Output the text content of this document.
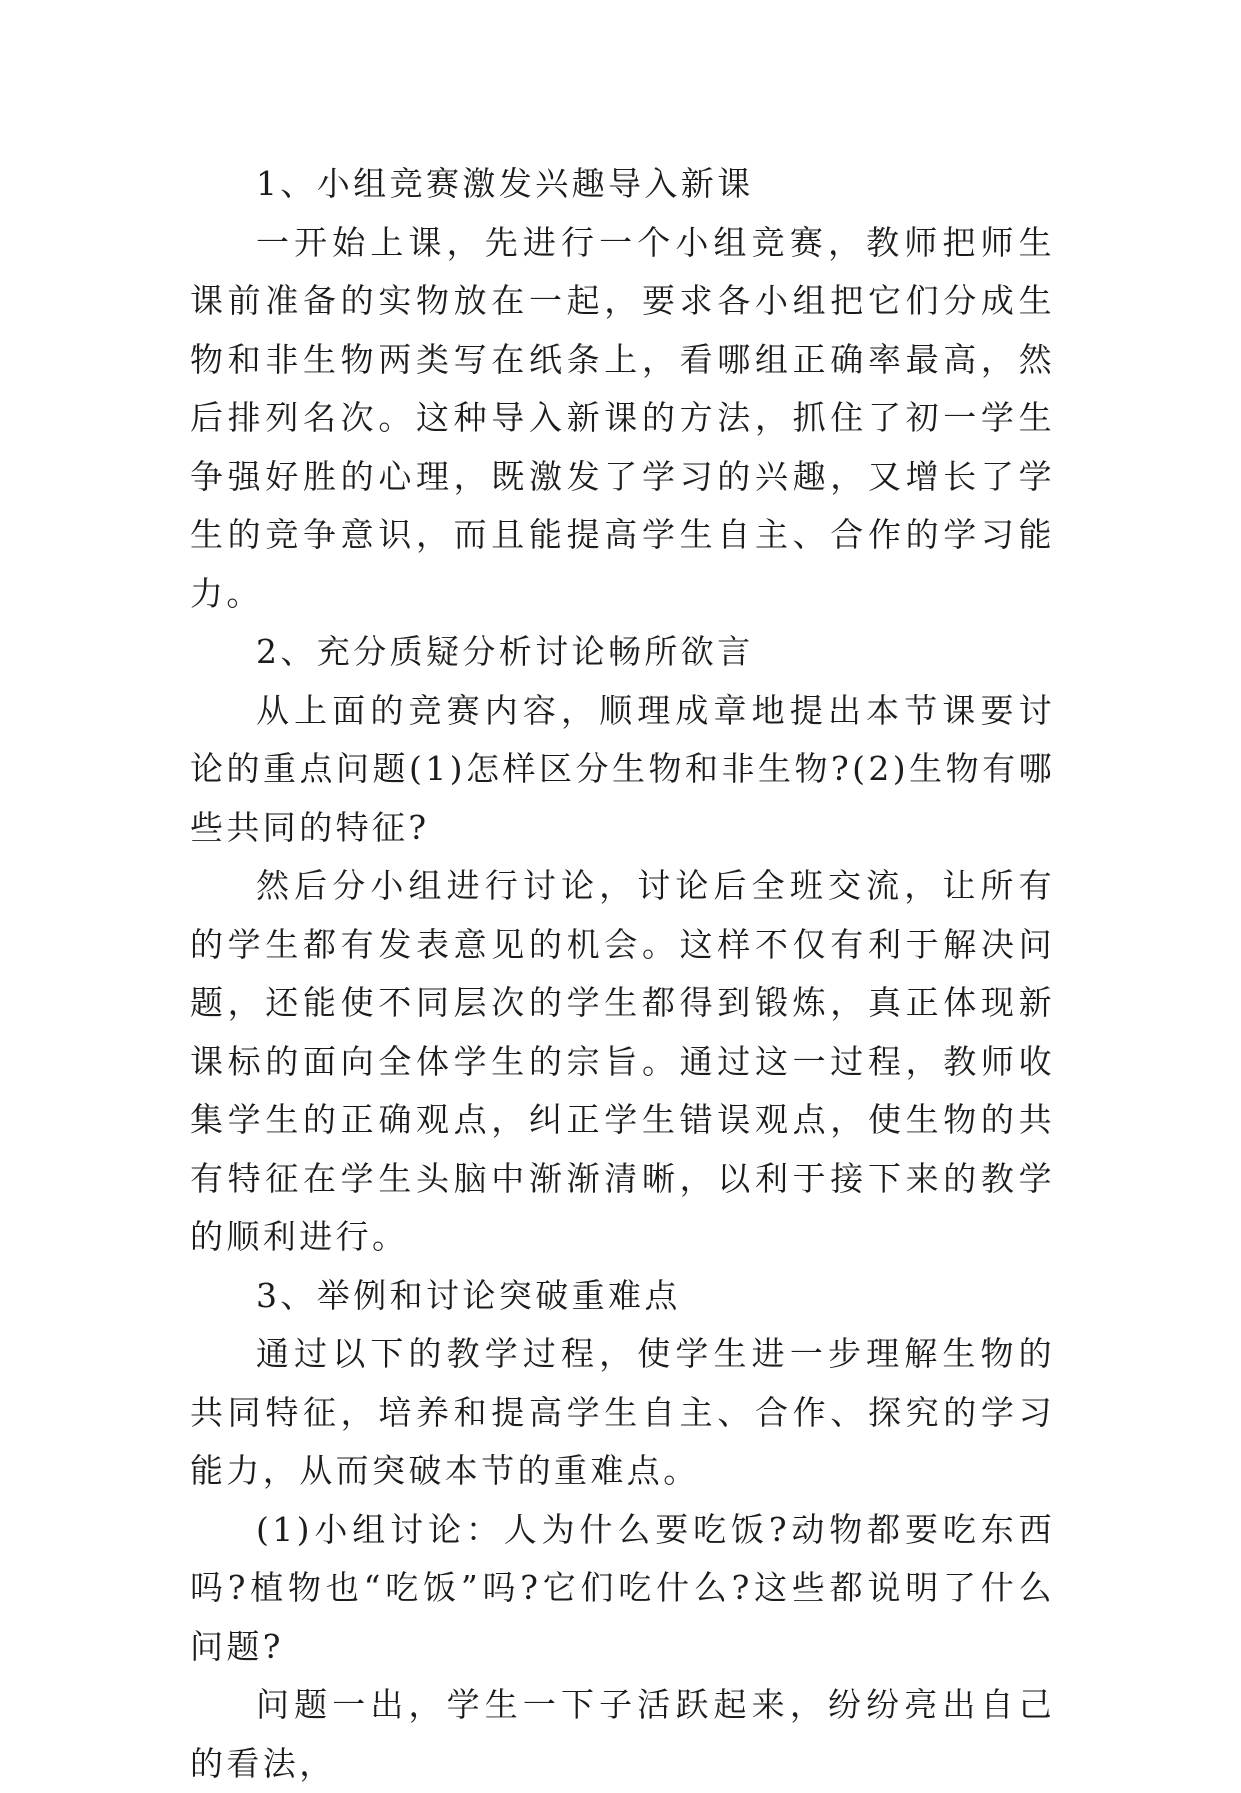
1、小组竞赛激发兴趣导入新课

一开始上课，先进行一个小组竞赛，教师把师生课前准备的实物放在一起，要求各小组把它们分成生物和非生物两类写在纸条上，看哪组正确率最高，然后排列名次。这种导入新课的方法，抓住了初一学生争强好胜的心理，既激发了学习的兴趣，又增长了学生的竞争意识，而且能提高学生自主、合作的学习能力。

2、充分质疑分析讨论畅所欲言

从上面的竞赛内容，顺理成章地提出本节课要讨论的重点问题(1)怎样区分生物和非生物?(2)生物有哪些共同的特征?

然后分小组进行讨论，讨论后全班交流，让所有的学生都有发表意见的机会。这样不仅有利于解决问题，还能使不同层次的学生都得到锻炼，真正体现新课标的面向全体学生的宗旨。通过这一过程，教师收集学生的正确观点，纠正学生错误观点，使生物的共有特征在学生头脑中渐渐清晰，以利于接下来的教学的顺利进行。

3、举例和讨论突破重难点

通过以下的教学过程，使学生进一步理解生物的共同特征，培养和提高学生自主、合作、探究的学习能力，从而突破本节的重难点。

(1)小组讨论：人为什么要吃饭?动物都要吃东西吗?植物也“吃饭”吗?它们吃什么?这些都说明了什么问题?

问题一出，学生一下子活跃起来，纷纷亮出自己的看法，
